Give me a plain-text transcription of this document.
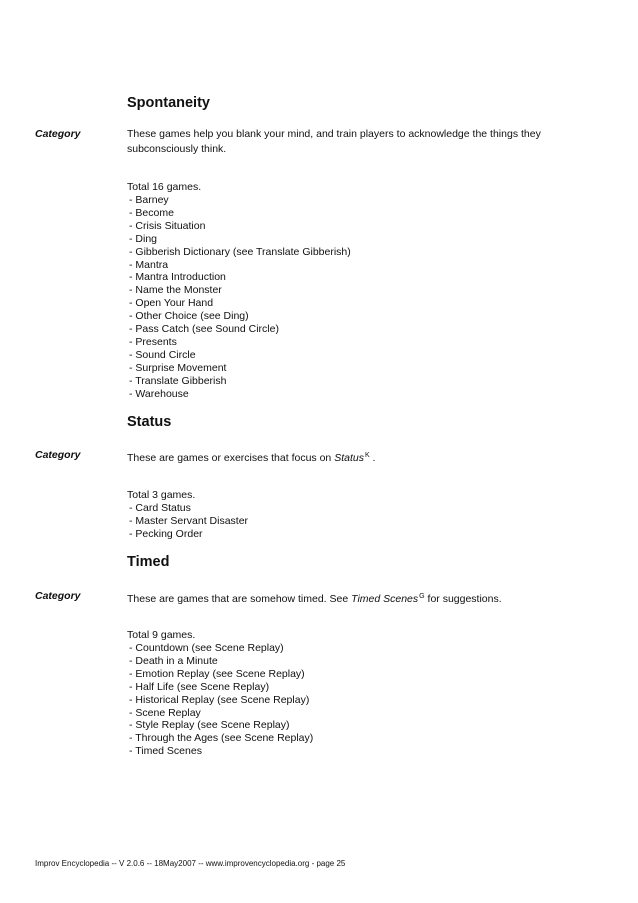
Spontaneity
Category	These games help you blank your mind, and train players to acknowledge the things they subconsciously think.

Total 16 games.
- Barney
- Become
- Crisis Situation
- Ding
- Gibberish Dictionary (see Translate Gibberish)
- Mantra
- Mantra Introduction
- Name the Monster
- Open Your Hand
- Other Choice (see Ding)
- Pass Catch (see Sound Circle)
- Presents
- Sound Circle
- Surprise Movement
- Translate Gibberish
- Warehouse
Status
Category	These are games or exercises that focus on Status$^K$ .

Total 3 games.
- Card Status
- Master Servant Disaster
- Pecking Order
Timed
Category	These are games that are somehow timed. See Timed Scenes$^G$ for suggestions.

Total 9 games.
- Countdown (see Scene Replay)
- Death in a Minute
- Emotion Replay (see Scene Replay)
- Half Life (see Scene Replay)
- Historical Replay (see Scene Replay)
- Scene Replay
- Style Replay (see Scene Replay)
- Through the Ages (see Scene Replay)
- Timed Scenes
Improv Encyclopedia -- V 2.0.6 -- 18May2007 -- www.improvencyclopedia.org - page 25
